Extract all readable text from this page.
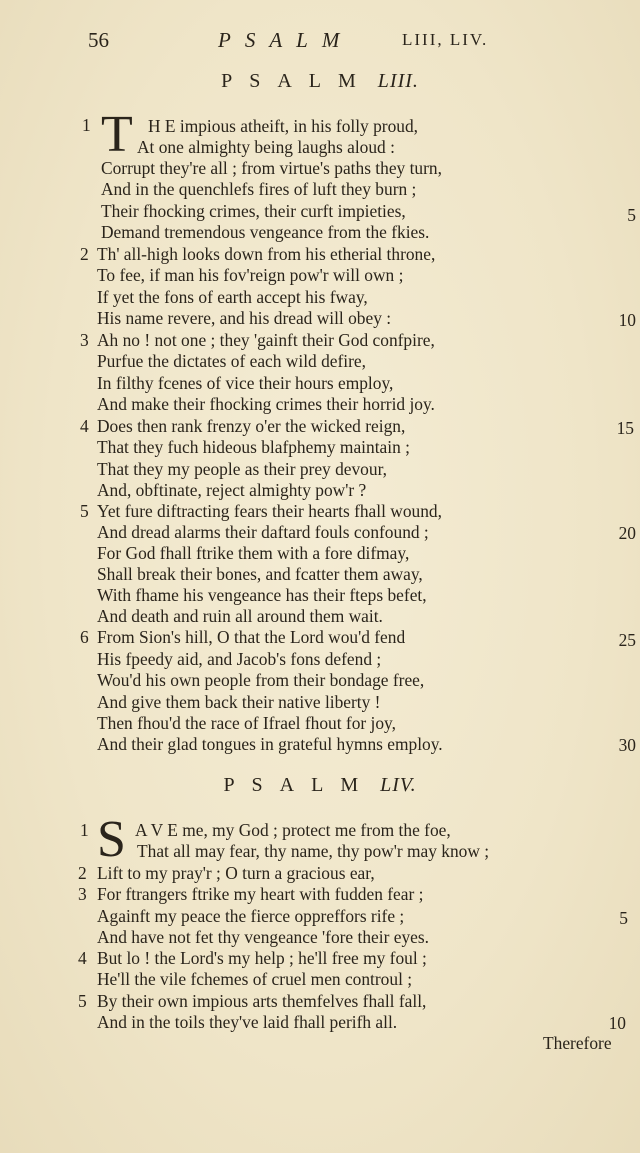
56	PSALM	LIII, LIV.
PSALM LIII.
T
1
2
3
4
5
6
5
10
15
20
25
30
H E impious atheift, in his folly proud,
At one almighty being laughs aloud :
Corrupt they're all ; from virtue's paths they turn,
And in the quenchlefs fires of luft they burn ;
Their fhocking crimes, their curft impieties,
Demand tremendous vengeance from the fkies.
Th' all-high looks down from his etherial throne,
To fee, if man his fov'reign pow'r will own ;
If yet the fons of earth accept his fway,
His name revere, and his dread will obey :
Ah no ! not one ; they 'gainft their God confpire,
Purfue the dictates of each wild defire,
In filthy fcenes of vice their hours employ,
And make their fhocking crimes their horrid joy.
Does then rank frenzy o'er the wicked reign,
That they fuch hideous blafphemy maintain ;
That they my people as their prey devour,
And, obftinate, reject almighty pow'r ?
Yet fure diftracting fears their hearts fhall wound,
And dread alarms their daftard fouls confound ;
For God fhall ftrike them with a fore difmay,
Shall break their bones, and fcatter them away,
With fhame his vengeance has their fteps befet,
And death and ruin all around them wait.
From Sion's hill, O that the Lord wou'd fend
His fpeedy aid, and Jacob's fons defend ;
Wou'd his own people from their bondage free,
And give them back their native liberty !
Then fhou'd the race of Ifrael fhout for joy,
And their glad tongues in grateful hymns employ.
PSALM LIV.
S
1
2
3
4
5
5
10
A V E me, my God ; protect me from the foe,
That all may fear, thy name, thy pow'r may know ;
Lift to my pray'r ; O turn a gracious ear,
For ftrangers ftrike my heart with fudden fear ;
Againft my peace the fierce oppreffors rife ;
And have not fet thy vengeance 'fore their eyes.
But lo ! the Lord's my help ; he'll free my foul ;
He'll the vile fchemes of cruel men controul ;
By their own impious arts themfelves fhall fall,
And in the toils they've laid fhall perifh all.
Therefore
